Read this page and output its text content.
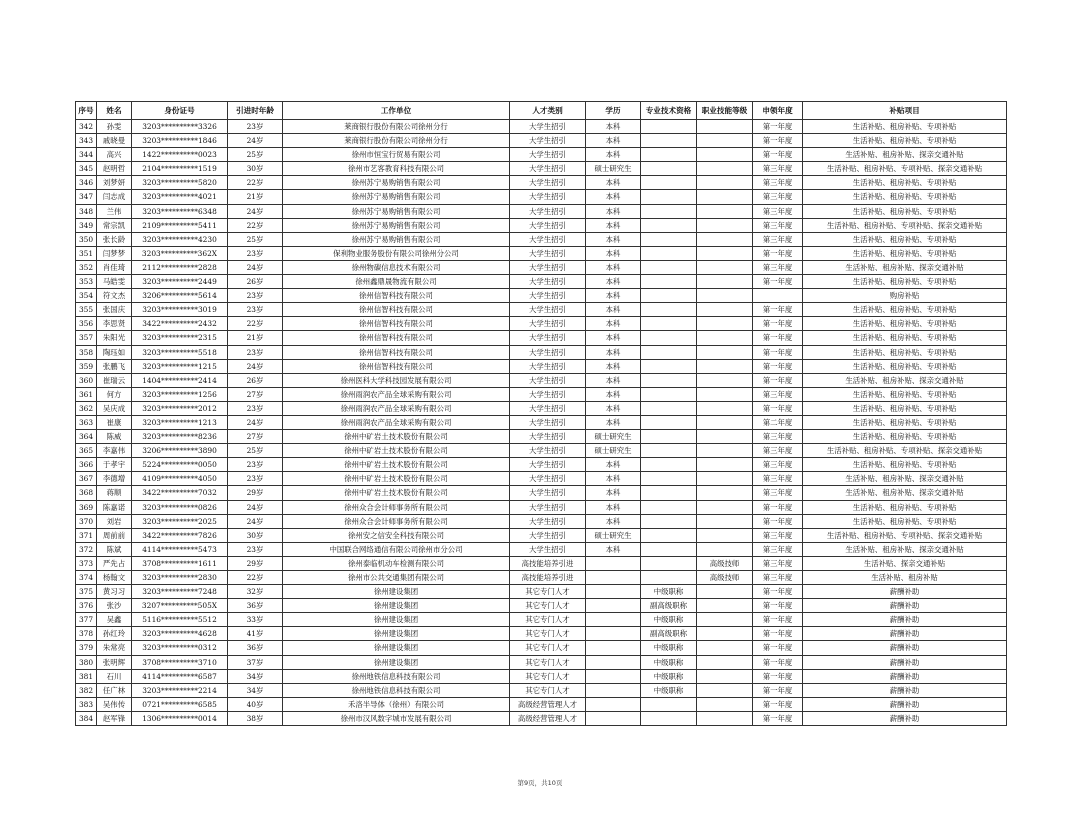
序号	姓名	身份证号	引进时年龄	工作单位	人才类别	学历	专业技术资格	职业技能等级	申领年度	补贴项目
342	孙雯	3203**********3326	23岁	莱商银行股份有限公司徐州分行	大学生招引	本科			第一年度	生活补贴、租房补贴、专项补贴
343	戚晓曼	3203**********1846	24岁	莱商银行股份有限公司徐州分行	大学生招引	本科			第一年度	生活补贴、租房补贴、专项补贴
344	高兴	1422**********0023	25岁	徐州市恒宝行贸易有限公司	大学生招引	本科			第一年度	生活补贴、租房补贴、探亲交通补贴
345	赵明哲	2104**********1519	30岁	徐州市艺客教育科技有限公司	大学生招引	硕士研究生			第三年度	生活补贴、租房补贴、专项补贴、探亲交通补贴
346	刘梦妍	3203**********5820	22岁	徐州苏宁易购销售有限公司	大学生招引	本科			第三年度	生活补贴、租房补贴、专项补贴
347	闫志成	3203**********4021	21岁	徐州苏宁易购销售有限公司	大学生招引	本科			第三年度	生活补贴、租房补贴、专项补贴
348	兰伟	3203**********6348	24岁	徐州苏宁易购销售有限公司	大学生招引	本科			第三年度	生活补贴、租房补贴、专项补贴
349	常宗凯	2109**********5411	22岁	徐州苏宁易购销售有限公司	大学生招引	本科			第三年度	生活补贴、租房补贴、专项补贴、探亲交通补贴
350	张长龄	3203**********4230	25岁	徐州苏宁易购销售有限公司	大学生招引	本科			第三年度	生活补贴、租房补贴、专项补贴
351	闫梦梦	3203**********362X	23岁	保利物业服务股份有限公司徐州分公司	大学生招引	本科			第一年度	生活补贴、租房补贴、专项补贴
352	肖佳琦	2112**********2828	24岁	徐州物碳信息技术有限公司	大学生招引	本科			第三年度	生活补贴、租房补贴、探亲交通补贴
353	马皓雯	3203**********2449	26岁	徐州鑫鼎晟物流有限公司	大学生招引	本科			第一年度	生活补贴、租房补贴、专项补贴
354	符文杰	3206**********5614	23岁	徐州信智科技有限公司	大学生招引	本科				购房补贴
355	张国庆	3203**********3019	23岁	徐州信智科技有限公司	大学生招引	本科			第一年度	生活补贴、租房补贴、专项补贴
356	李思贤	3422**********2432	22岁	徐州信智科技有限公司	大学生招引	本科			第一年度	生活补贴、租房补贴、专项补贴
357	朱阳光	3203**********2315	21岁	徐州信智科技有限公司	大学生招引	本科			第一年度	生活补贴、租房补贴、专项补贴
358	陶珏如	3203**********5518	23岁	徐州信智科技有限公司	大学生招引	本科			第一年度	生活补贴、租房补贴、专项补贴
359	张鹏飞	3203**********1215	24岁	徐州信智科技有限公司	大学生招引	本科			第一年度	生活补贴、租房补贴、专项补贴
360	崔瑞云	1404**********2414	26岁	徐州医科大学科技园发展有限公司	大学生招引	本科			第一年度	生活补贴、租房补贴、探亲交通补贴
361	何方	3203**********1256	27岁	徐州雨润农产品全球采购有限公司	大学生招引	本科			第三年度	生活补贴、租房补贴、专项补贴
362	吴庆成	3203**********2012	23岁	徐州雨润农产品全球采购有限公司	大学生招引	本科			第一年度	生活补贴、租房补贴、专项补贴
363	崔康	3203**********1213	24岁	徐州雨润农产品全球采购有限公司	大学生招引	本科			第二年度	生活补贴、租房补贴、专项补贴
364	陈威	3203**********8236	27岁	徐州中矿岩土技术股份有限公司	大学生招引	硕士研究生			第三年度	生活补贴、租房补贴、专项补贴
365	李嘉伟	3206**********3890	25岁	徐州中矿岩土技术股份有限公司	大学生招引	硕士研究生			第三年度	生活补贴、租房补贴、专项补贴、探亲交通补贴
366	于孝宇	5224**********0050	23岁	徐州中矿岩土技术股份有限公司	大学生招引	本科			第三年度	生活补贴、租房补贴、专项补贴
367	李德增	4109**********4050	23岁	徐州中矿岩土技术股份有限公司	大学生招引	本科			第三年度	生活补贴、租房补贴、探亲交通补贴
368	蒋顺	3422**********7032	29岁	徐州中矿岩土技术股份有限公司	大学生招引	本科			第三年度	生活补贴、租房补贴、探亲交通补贴
369	陈嘉诺	3203**********0826	24岁	徐州众合会计师事务所有限公司	大学生招引	本科			第一年度	生活补贴、租房补贴、专项补贴
370	刘岩	3203**********2025	24岁	徐州众合会计师事务所有限公司	大学生招引	本科			第一年度	生活补贴、租房补贴、专项补贴
371	周前前	3422**********7826	30岁	徐州安之信安全科技有限公司	大学生招引	硕士研究生			第三年度	生活补贴、租房补贴、专项补贴、探亲交通补贴
372	陈斌	4114**********5473	23岁	中国联合网络通信有限公司徐州市分公司	大学生招引	本科			第三年度	生活补贴、租房补贴、探亲交通补贴
373	严先占	3708**********1611	29岁	徐州泰临机动车检测有限公司	高技能培养引进			高级技师	第三年度	生活补贴、探亲交通补贴
374	杨翰文	3203**********2830	22岁	徐州市公共交通集团有限公司	高技能培养引进			高级技师	第三年度	生活补贴、租房补贴
375	黄习习	3203**********7248	32岁	徐州建设集团	其它专门人才		中级职称		第一年度	薪酬补助
376	张沙	3207**********505X	36岁	徐州建设集团	其它专门人才		副高级职称		第一年度	薪酬补助
377	吴鑫	5116**********5512	33岁	徐州建设集团	其它专门人才		中级职称		第一年度	薪酬补助
378	孙红玲	3203**********4628	41岁	徐州建设集团	其它专门人才		副高级职称		第一年度	薪酬补助
379	朱常亮	3203**********0312	36岁	徐州建设集团	其它专门人才		中级职称		第一年度	薪酬补助
380	张明辉	3708**********3710	37岁	徐州建设集团	其它专门人才		中级职称		第一年度	薪酬补助
381	石川	4114**********6587	34岁	徐州地铁信息科技有限公司	其它专门人才		中级职称		第一年度	薪酬补助
382	任广林	3203**********2214	34岁	徐州地铁信息科技有限公司	其它专门人才		中级职称		第一年度	薪酬补助
383	吴伟传	0721**********6585	40岁	禾洛半导体（徐州）有限公司	高级经营管理人才				第一年度	薪酬补助
384	赵军锋	1306**********0014	38岁	徐州市汉风数字城市发展有限公司	高级经营管理人才				第一年度	薪酬补助
第9页，共10页
